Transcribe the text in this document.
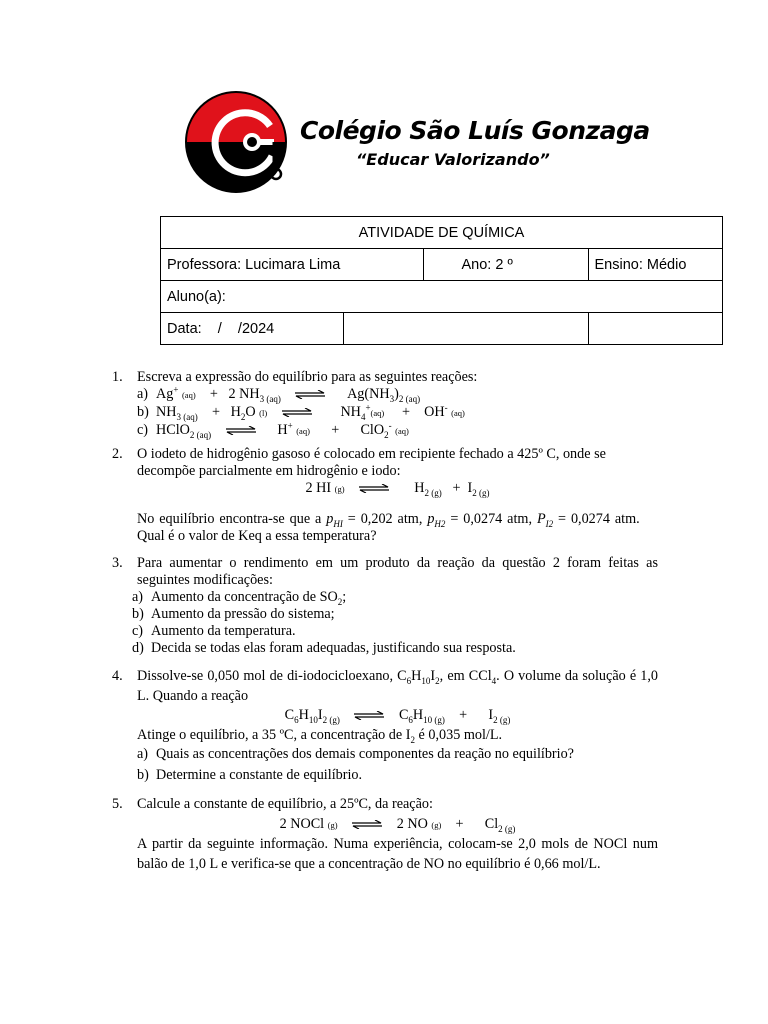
Colégio São Luís Gonzaga
“Educar Valorizando”
ATIVIDADE DE QUÍMICA			
Professora: Lucimara Lima		Ano: 2 º	Ensino: Médio
Aluno(a):			
Data:    /    /2024			
1. Escreva a expressão do equilíbrio para as seguintes reações:
a) Ag+ (aq)    +   2 $NH_{3 (aq)}$ ⇌ $Ag(NH_3)_{2 (aq)}$
b) $NH_{3 (aq)}$    +   $H_2O$ (l) ⇌ $NH_4^+(aq)$     +    OH- (aq)
c) HClO$_{2 (aq)}$ ⇌ H+ (aq)      +      ClO$_2$- (aq)
2. O iodeto de hidrogênio gasoso é colocado em recipiente fechado a 425º C, onde se decompõe parcialmente em hidrogênio e iodo:
2 HI (g) ⇌ $H_{2 (g)} + I_{2 (g)}$
No equilíbrio encontra-se que a $p_{HI} = 0,202$ atm, $p_{H2} = 0,0274$ atm, $P_{I2} = 0,0274$ atm.     Qual é o valor de Keq a essa temperatura?
3. Para aumentar o rendimento em um produto da reação da questão 2 foram feitas as seguintes modificações:
a) Aumento da concentração de $SO_2$;
b) Aumento da pressão do sistema;
c) Aumento da temperatura.
d) Decida se todas elas foram adequadas, justificando sua resposta.
4. Dissolve-se 0,050 mol de di-iodocicloexano, $C_6H_{10}I_2$, em CCl$_4$. O volume da solução é 1,0 L. Quando a reação
$C_6H_{10}I_{2 (g)}$ ⇌ $C_6H_{10 (g)}$    +      $I_{2 (g)}$
Atinge o equilíbrio, a 35 ºC, a concentração de $I_2$ é 0,035 mol/L.
a) Quais as concentrações dos demais componentes da reação no equilíbrio?
b) Determine a constante de equilíbrio.
5. Calcule a constante de equilíbrio, a 25ºC, da reação:
2 NOCl (g) ⇌ 2 NO (g)    +      $Cl_{2 (g)}$
A partir da seguinte informação. Numa experiência, colocam-se 2,0 mols de NOCl num balão de 1,0 L e verifica-se que a concentração de NO no equilíbrio é 0,66 mol/L.
